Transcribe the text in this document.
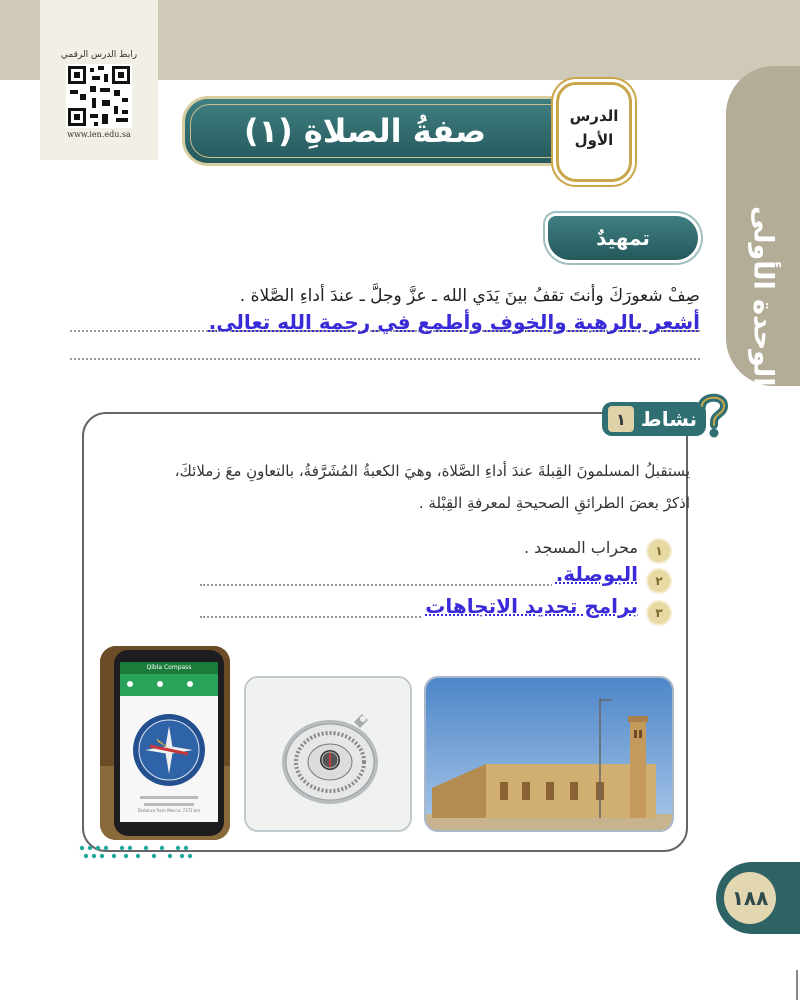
رابط الدرس الرقمي
www.ien.edu.sa
الوحدة الأولى
صفةُ الصلاةِ (١)	الدرس
الأول
تمهيدٌ
صِفْ شعورَكَ وأنتَ تقفُ بينَ يَدَي الله ـ عزَّ وجلَّ ـ عندَ أداءِ الصَّلاة .
أشعر بالرهبة والخوف وأطمع في رحمة الله تعالى.
١ نشاط
يستقبلُ المسلمونَ القِبلةَ عندَ أداءِ الصَّلاة، وهيَ الكعبةُ المُشَرَّفةُ، بالتعاونِ معَ زملائكَ،
اذكرْ بعضَ الطرائقِ الصحيحةِ لمعرفةِ القِبْلة .
١
محراب المسجد .
٢
البوصلة.
٣
برامج تحديد الاتجاهات
Qibla Compass
Distance from Mecca: 7272 km
١٨٨
